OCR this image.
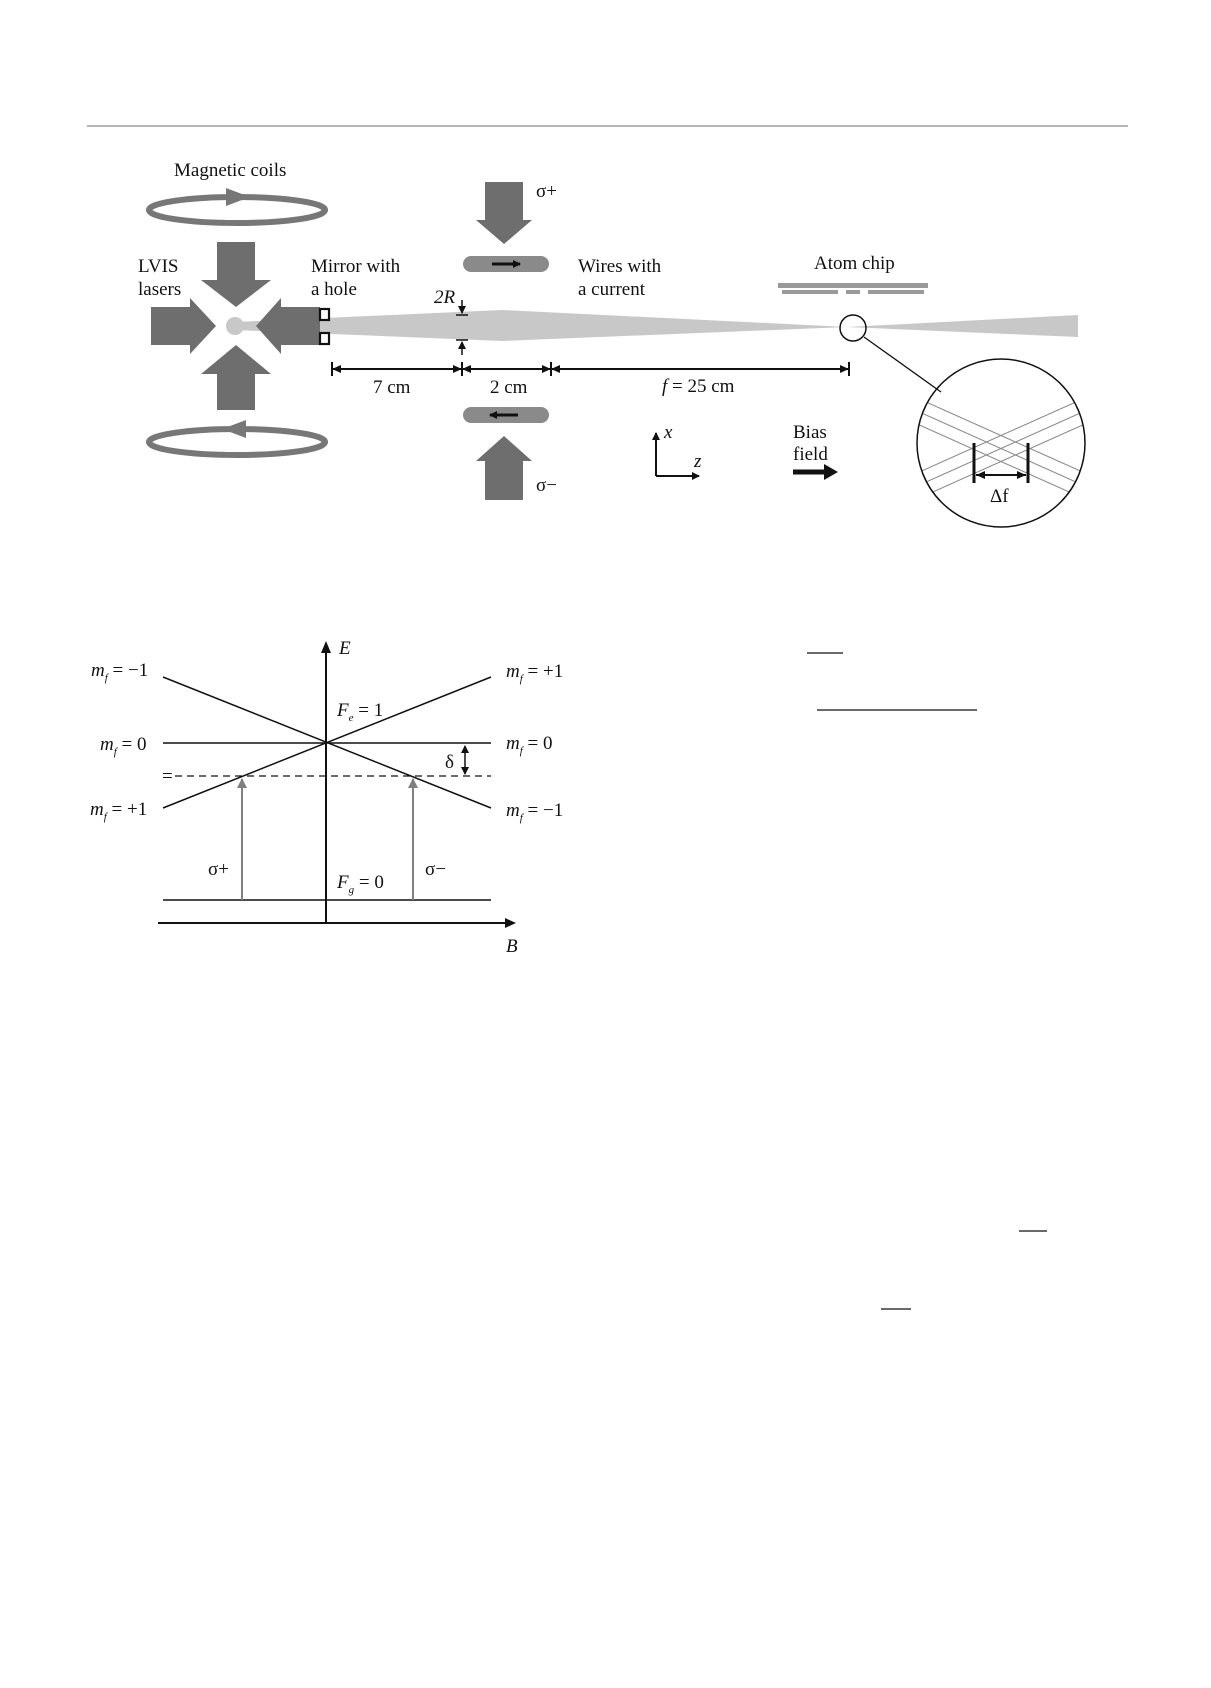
Magnetic coils
LVIS
lasers
Mirror with
a hole
σ+
σ−
Wires with
a current
2R
7 cm	2 cm	f = 25 cm
x
z
Bias
field
Atom chip
Δf
E
B
σ+	σ−
δ
=
$F_e = 1$
$F_g = 0$
$m_f = -1$
$m_f = 0$
$m_f = +1$
$m_f = +1$
$m_f = 0$
$m_f = -1$
